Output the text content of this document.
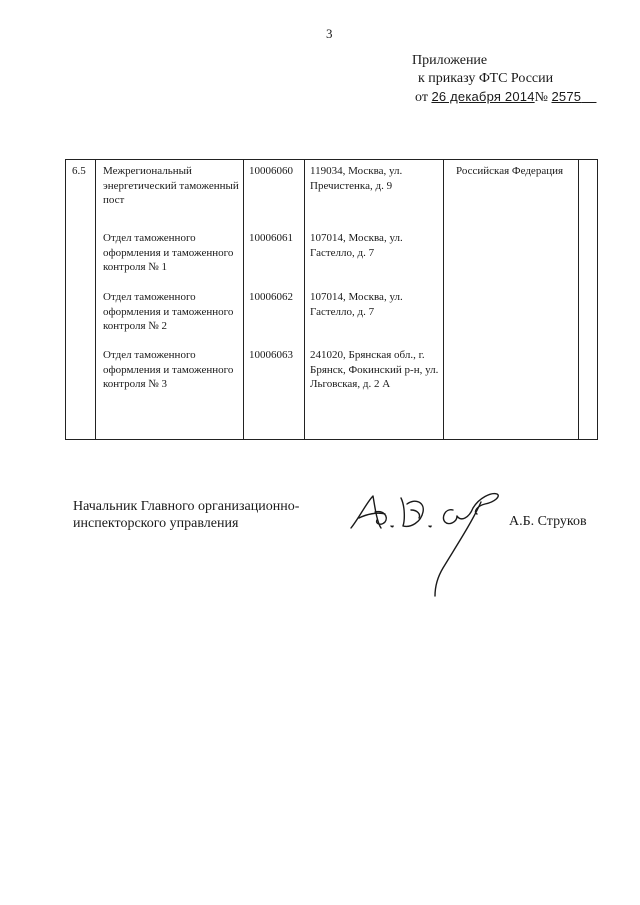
3
Приложение
к приказу ФТС России
от 26 декабря 2014№ 2575
6.5 Межрегиональный энергетический таможенный пост
10006060 119034, Москва, ул. Пречистенка, д. 9
Российская Федерация
Отдел таможенного оформления и таможенного контроля № 1
10006061 107014, Москва, ул. Гастелло, д. 7
Отдел таможенного оформления и таможенного контроля № 2
10006062 107014, Москва, ул. Гастелло, д. 7
Отдел таможенного оформления и таможенного контроля № 3
10006063 241020, Брянская обл., г. Брянск, Фокинский р-н, ул. Льговская, д. 2 А
Начальник Главного организационно-
инспекторского управления	А.Б. Струков
